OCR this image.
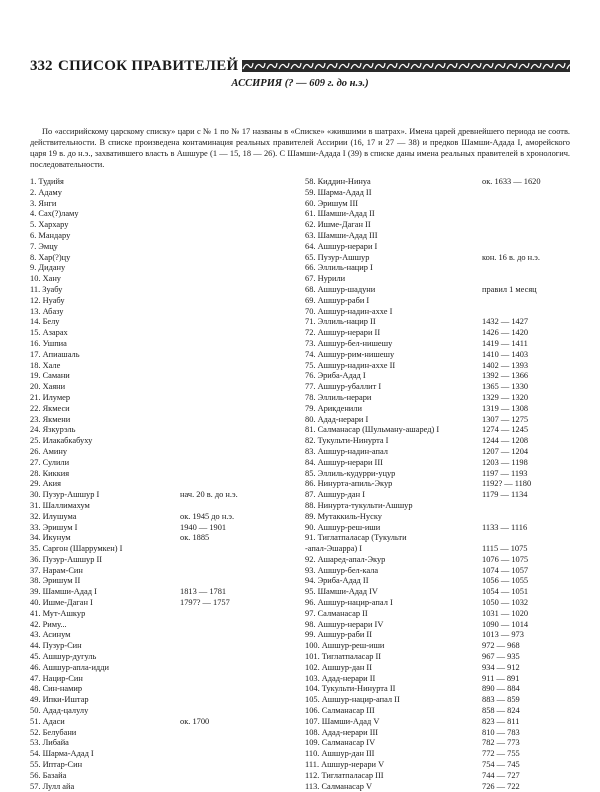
332 СПИСОК ПРАВИТЕЛЕЙ
АССИРИЯ (? — 609 г. до н.э.)
По «ассирийскому царскому списку» цари с № 1 по № 17 названы в «Списке» «жившими в шатрах». Имена царей древнейшего периода не соотв. действительности. В списке произведена контаминация реальных правителей Ассирии (16, 17 и 27 — 38) и предков Шамши-Адада I, аморейского царя 19 в. до н.э., захватившего власть в Ашшуре (1 — 15, 18 — 26). С Шамши-Адада I (39) в списке даны имена реальных правителей в хронологич. последовательности.
1. Тудийя
2. Адаму
3. Янги
4. Сах(?)ламу
5. Хархару
6. Мандару
7. Эмцу
8. Хар(?)цу
9. Дидану
10. Хану
11. Зуабу
12. Нуабу
13. Абазу
14. Белу
15. Азарах
16. Ушпиа
17. Апиашаль
18. Хале
19. Самани
20. Хаяни
21. Илумер
22. Якмеси
23. Якмени
24. Язкурэль
25. Илакабкабуху
26. Аминy
27. Сулили
28. Киккия
29. Акия
30. Пузур-Ашшур I	нач. 20 в. до н.э.
31. Шаллимахум
32. Илушума	ок. 1945 до н.э.
33. Эришум I	1940 — 1901
34. Икунум	ок. 1885
35. Саргон (Шаррумкен) I
36. Пузур-Ашшур II
37. Нарам-Син
38. Эришум II
39. Шамши-Адад I	1813 — 1781
40. Ишме-Даган I	1797? — 1757
41. Мут-Ашкур
42. Риму...
43. Асинум
44. Пузур-Син
45. Ашшур-дугуль
46. Ашшур-апла-идди
47. Нацир-Син
48. Син-намир
49. Ипки-Иштар
50. Адад-цалулу
51. Адаси	ок. 1700
52. Белубани
53. Либайа
54. Шарма-Адад I
55. Иптар-Син
56. Базайа
57. Лулл айа
58. Киддин-Нинуа	ок. 1633 — 1620
59. Шарма-Адад II
60. Эришум III
61. Шамши-Адад II
62. Ишме-Даган II
63. Шамши-Адад III
64. Ашшур-нерари I
65. Пузур-Ашшур	кон. 16 в. до н.э.
66. Эллиль-нацир I
67. Нурили
68. Ашшур-шадуни	правил 1 месяц
69. Ашшур-раби I
70. Ашшур-надин-аххе I
71. Эллиль-нацир II	1432 — 1427
72. Ашшур-нерари II	1426 — 1420
73. Ашшур-бел-нишешу	1419 — 1411
74. Ашшур-рим-нишешу	1410 — 1403
75. Ашшур-надин-аххе II	1402 — 1393
76. Эриба-Адад I	1392 — 1366
77. Ашшур-убаллит I	1365 — 1330
78. Эллиль-нерари	1329 — 1320
79. Арикденили	1319 — 1308
80. Адад-нерари I	1307 — 1275
81. Салманасар (Шульману-ашаред) I	1274 — 1245
82. Тукульти-Нинурта I	1244 — 1208
83. Ашшур-надин-апал	1207 — 1204
84. Ашшур-нерари III	1203 — 1198
85. Эллиль-кудурри-уцур	1197 — 1193
86. Нинурта-апиль-Экур	1192? — 1180
87. Ашшур-дан I	1179 — 1134
88. Нинурта-тукульти-Ашшур
89. Мутаккиль-Нуску
90. Ашшур-реш-иши	1133 — 1116
91. Тиглатпаласар (Тукульти
-апал-Эшарра) I	1115 — 1075
92. Ашаред-апал-Экур	1076 — 1075
93. Ашшур-бел-кала	1074 — 1057
94. Эриба-Адад II	1056 — 1055
95. Шамши-Адад IV	1054 — 1051
96. Ашшур-нацир-апал I	1050 — 1032
97. Салманасар II	1031 — 1020
98. Ашшур-нерари IV	1090 — 1014
99. Ашшур-раби II	1013 — 973
100. Ашшур-реш-иши	972 — 968
101. Тиглатпаласар II	967 — 935
102. Ашшур-дан II	934 — 912
103. Адад-нерари II	911 — 891
104. Тукульти-Нинурта II	890 — 884
105. Ашшур-нацир-апал II	883 — 859
106. Салманасар III	858 — 824
107. Шамши-Адад V	823 — 811
108. Адад-нерари III	810 — 783
109. Салманасар IV	782 — 773
110. Ашшур-дан III	772 — 755
111. Ашшур-нерари V	754 — 745
112. Тиглатпаласар III	744 — 727
113. Салманасар V	726 — 722
